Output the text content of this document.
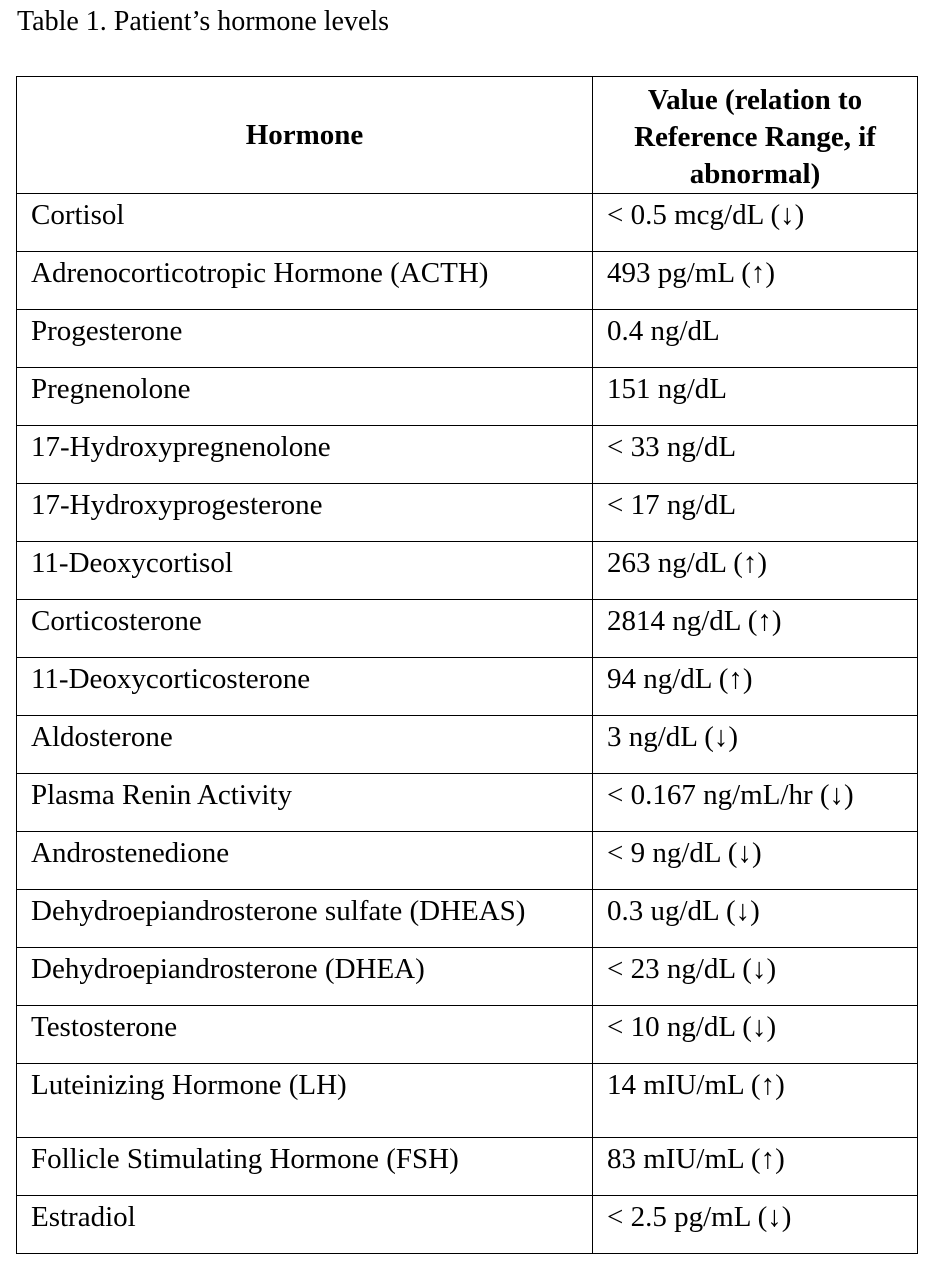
Table 1. Patient’s hormone levels
Hormone	Value (relation to Reference Range, if abnormal)
Cortisol	< 0.5 mcg/dL (↓)
Adrenocorticotropic Hormone (ACTH)	493 pg/mL (↑)
Progesterone	0.4 ng/dL
Pregnenolone	151 ng/dL
17-Hydroxypregnenolone	< 33 ng/dL
17-Hydroxyprogesterone	< 17 ng/dL
11-Deoxycortisol	263 ng/dL (↑)
Corticosterone	2814 ng/dL (↑)
11-Deoxycorticosterone	94 ng/dL (↑)
Aldosterone	3 ng/dL (↓)
Plasma Renin Activity	< 0.167 ng/mL/hr (↓)
Androstenedione	< 9 ng/dL (↓)
Dehydroepiandrosterone sulfate (DHEAS)	0.3 ug/dL (↓)
Dehydroepiandrosterone (DHEA)	< 23 ng/dL (↓)
Testosterone	< 10 ng/dL (↓)
Luteinizing Hormone (LH)	14 mIU/mL (↑)
Follicle Stimulating Hormone (FSH)	83 mIU/mL (↑)
Estradiol	< 2.5 pg/mL (↓)
